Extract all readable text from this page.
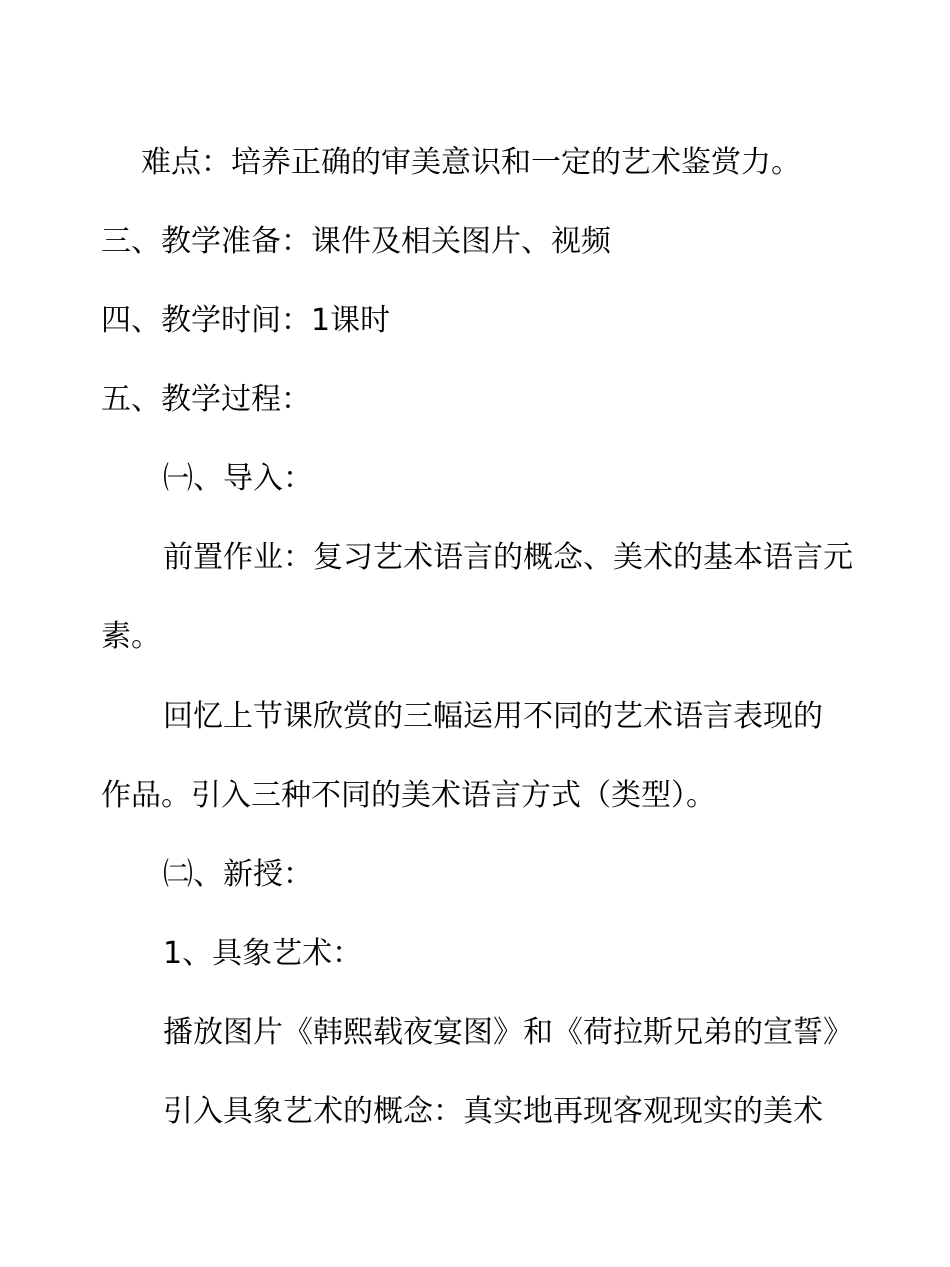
难点：培养正确的审美意识和一定的艺术鉴赏力。
三、教学准备：课件及相关图片、视频
四、教学时间：1课时
五、教学过程：
㈠、导入：
前置作业：复习艺术语言的概念、美术的基本语言元
素。
回忆上节课欣赏的三幅运用不同的艺术语言表现的
作品。引入三种不同的美术语言方式（类型）。
㈡、新授：
1、具象艺术：
播放图片《韩熙载夜宴图》和《荷拉斯兄弟的宣誓》
引入具象艺术的概念：真实地再现客观现实的美术
